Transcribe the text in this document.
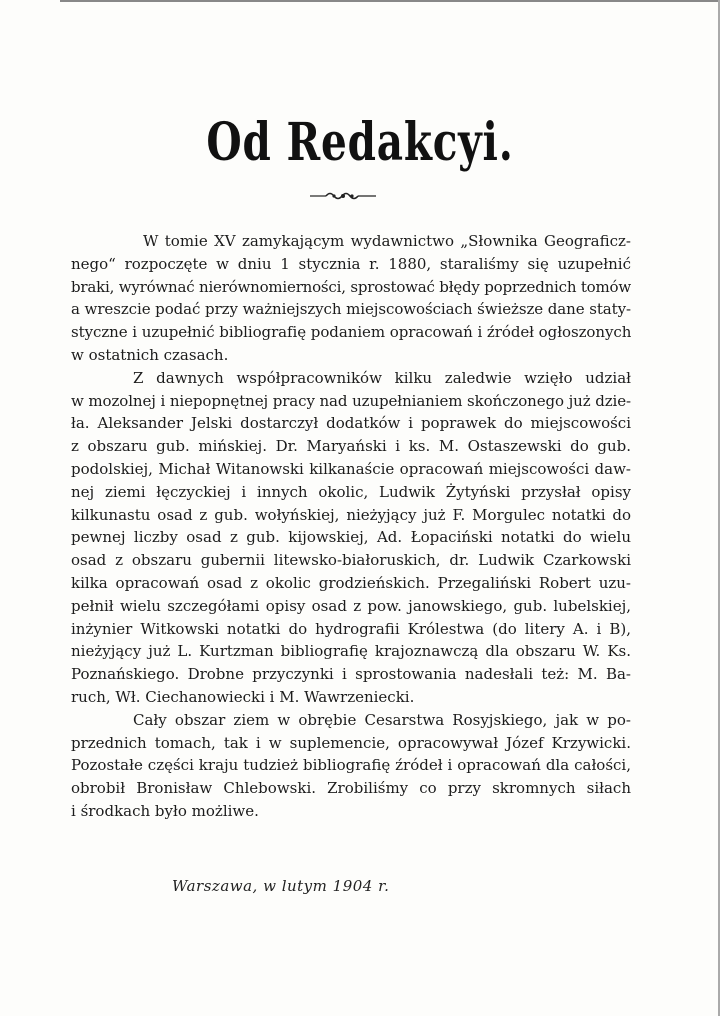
Od Redakcyi.
W tomie XV zamykającym wydawnictwo „Słownika Geograficz-
nego“ rozpoczęte w dniu 1 stycznia r. 1880, staraliśmy się uzupełnić
braki, wyrównać nierównomierności, sprostować błędy poprzednich tomów
a wreszcie podać przy ważniejszych miejscowościach świeższe dane staty-
styczne i uzupełnić bibliografię podaniem opracowań i źródeł ogłoszonych
w ostatnich czasach.
Z dawnych współpracowników kilku zaledwie wzięło udział
w mozolnej i niepopnętnej pracy nad uzupełnianiem skończonego już dzie-
ła. Aleksander Jelski dostarczył dodatków i poprawek do miejscowości
z obszaru gub. mińskiej. Dr. Maryański i ks. M. Ostaszewski do gub.
podolskiej, Michał Witanowski kilkanaście opracowań miejscowości daw-
nej ziemi łęczyckiej i innych okolic, Ludwik Żytyński przysłał opisy
kilkunastu osad z gub. wołyńskiej, nieżyjący już F. Morgulec notatki do
pewnej liczby osad z gub. kijowskiej, Ad. Łopaciński notatki do wielu
osad z obszaru gubernii litewsko-białoruskich, dr. Ludwik Czarkowski
kilka opracowań osad z okolic grodzieńskich. Przegaliński Robert uzu-
pełnił wielu szczegółami opisy osad z pow. janowskiego, gub. lubelskiej,
inżynier Witkowski notatki do hydrografii Królestwa (do litery A. i B),
nieżyjący już L. Kurtzman bibliografię krajoznawczą dla obszaru W. Ks.
Poznańskiego. Drobne przyczynki i sprostowania nadesłali też: M. Ba-
ruch, Wł. Ciechanowiecki i M. Wawrzeniecki.
Cały obszar ziem w obrębie Cesarstwa Rosyjskiego, jak w po-
przednich tomach, tak i w suplemencie, opracowywał Józef Krzywicki.
Pozostałe części kraju tudzież bibliografię źródeł i opracowań dla całości,
obrobił Bronisław Chlebowski. Zrobiliśmy co przy skromnych siłach
i środkach było możliwe.
Warszawa, w lutym 1904 r.
